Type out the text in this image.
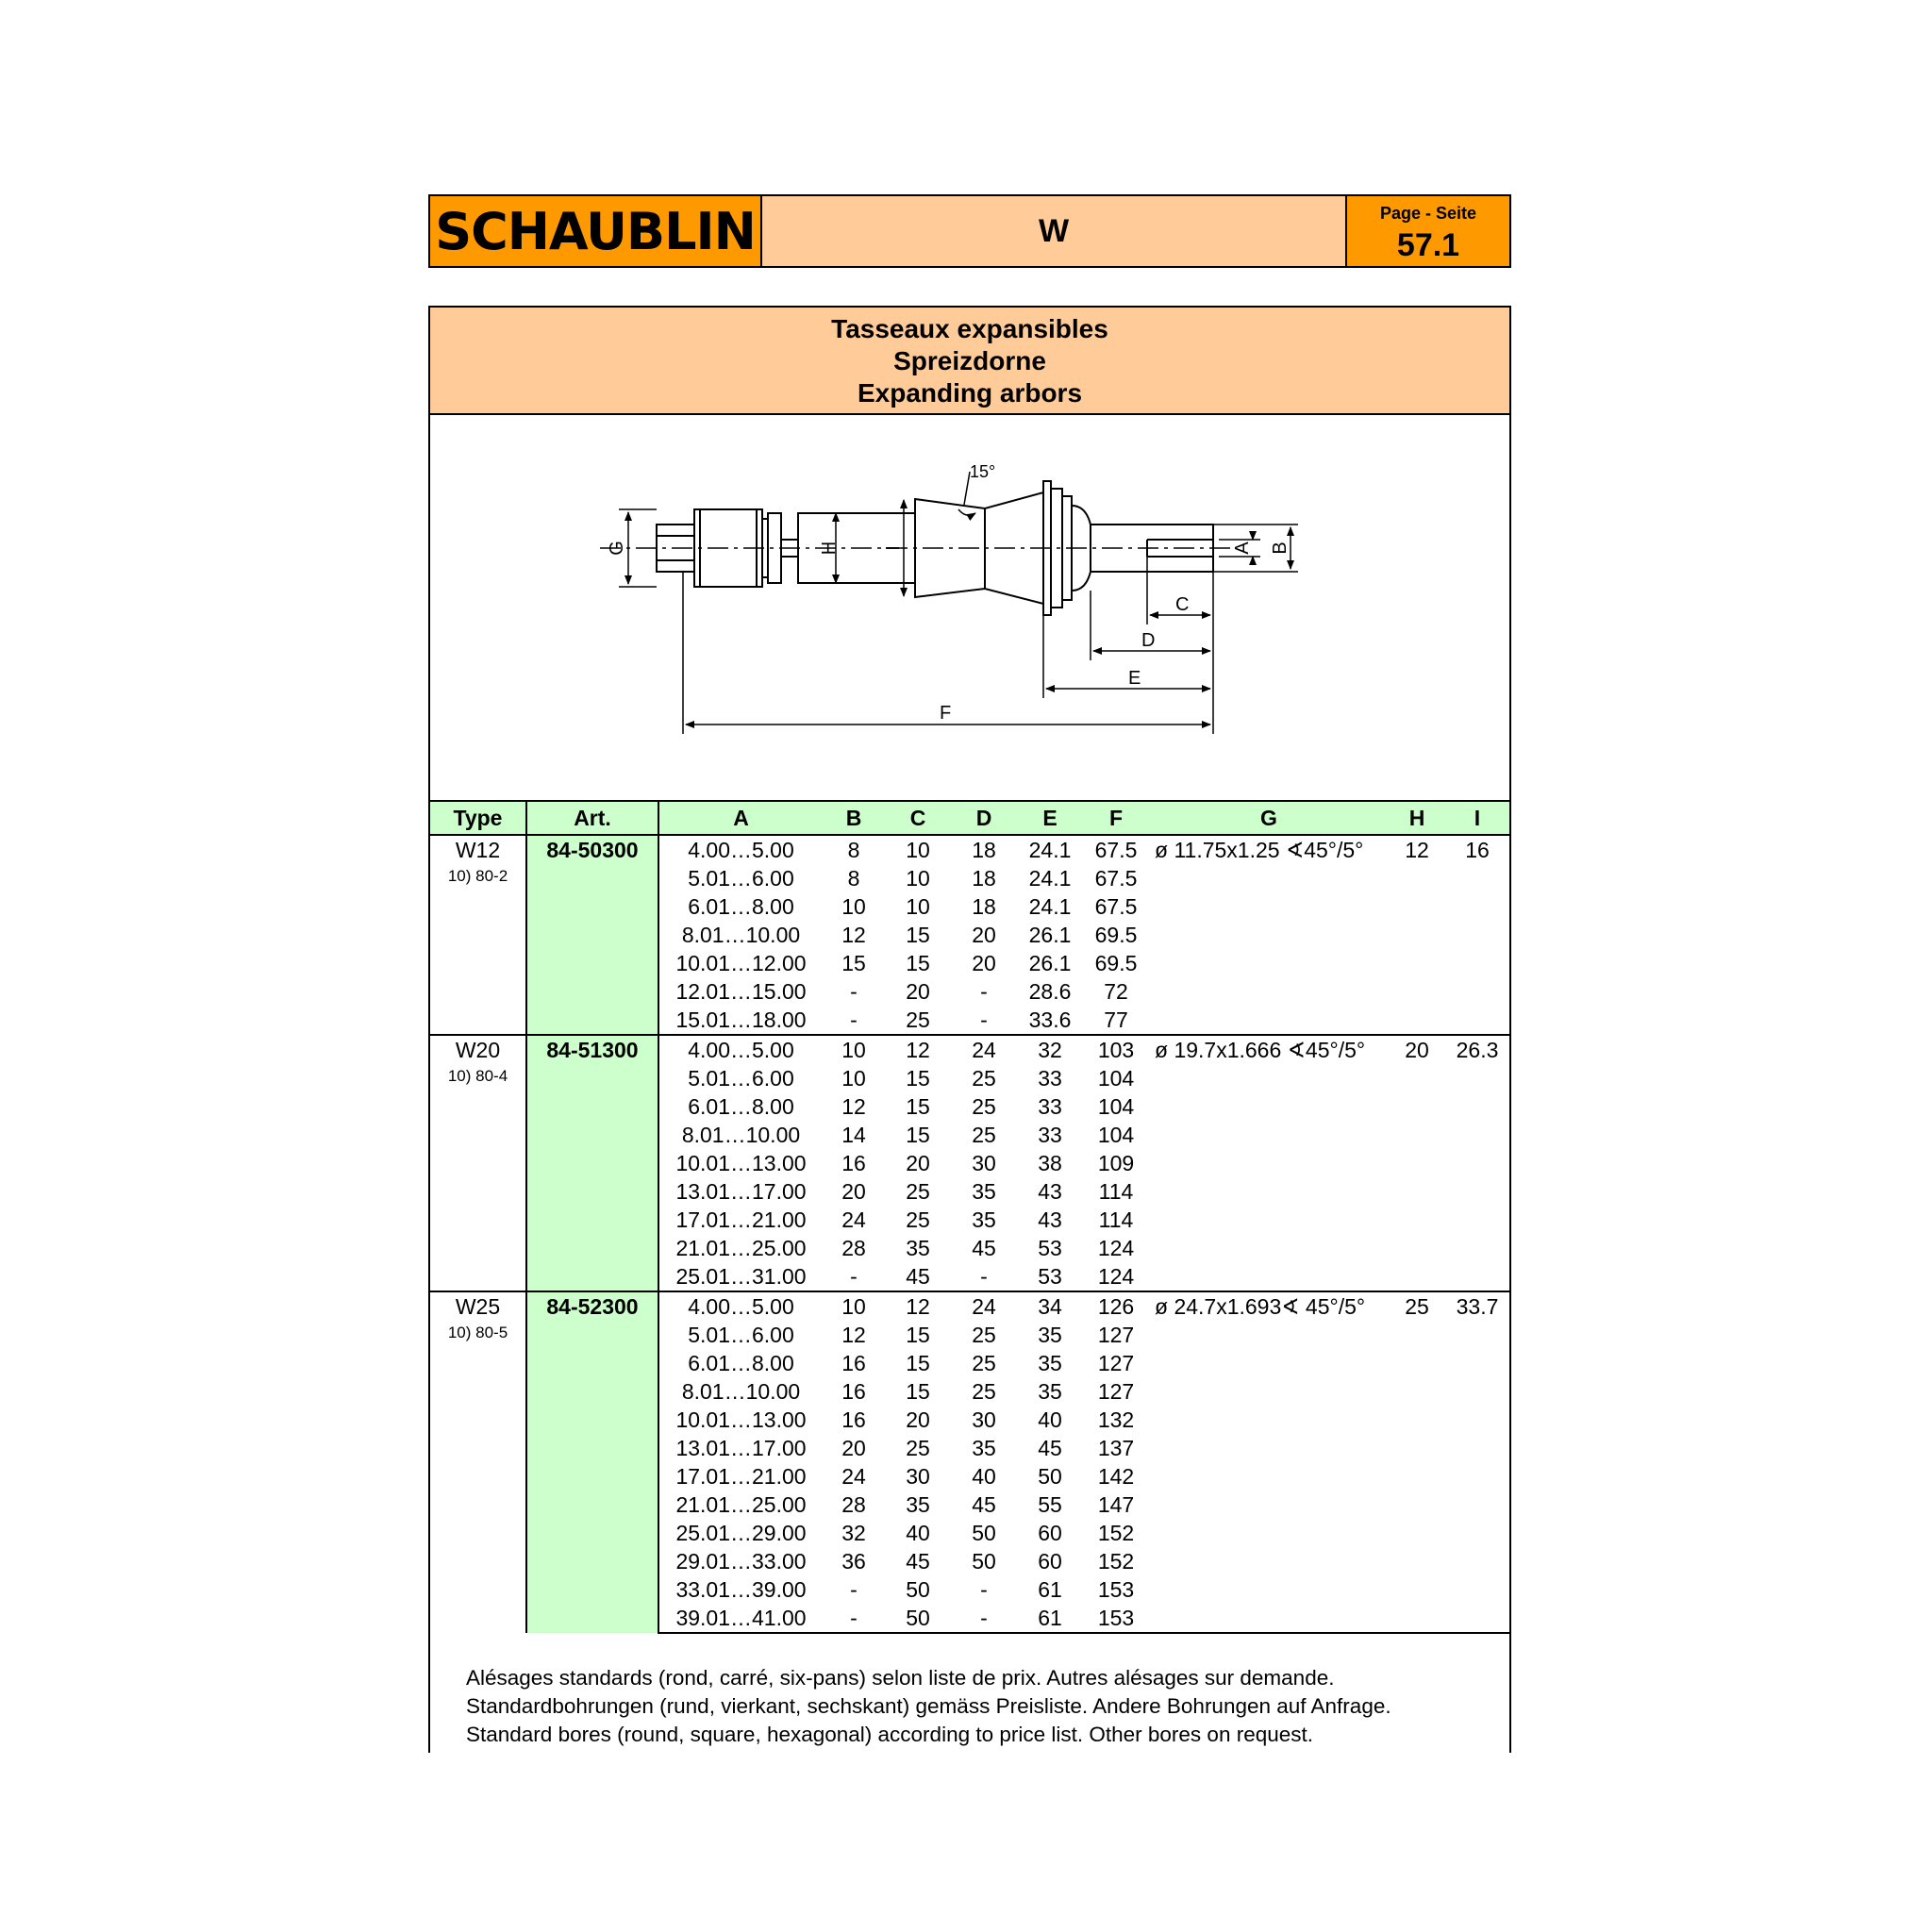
SCHAUBLIN	W	Page - Seite
57.1
Tasseaux expansibles
Spreizdorne
Expanding arbors
G	H I
15°
A B
C
D
E
F
Type	Art.	A	B	C	D	E	F	G	H	I

W12
10) 80-2	84-50300	4.00…5.00	8	10	18	24.1	67.5	ø 11.75x1.25 ∢45°/5°	12	16
		5.01…6.00	8	10	18	24.1	67.5			
		6.01…8.00	10	10	18	24.1	67.5			
		8.01…10.00	12	15	20	26.1	69.5			
		10.01…12.00	15	15	20	26.1	69.5			
		12.01…15.00	-	20	-	28.6	72			
		15.01…18.00	-	25	-	33.6	77			

W20
10) 80-4	84-51300	4.00…5.00	10	12	24	32	103	ø 19.7x1.666 ∢45°/5°	20	26.3
		5.01…6.00	10	15	25	33	104			
		6.01…8.00	12	15	25	33	104			
		8.01…10.00	14	15	25	33	104			
		10.01…13.00	16	20	30	38	109			
		13.01…17.00	20	25	35	43	114			
		17.01…21.00	24	25	35	43	114			
		21.01…25.00	28	35	45	53	124			
		25.01…31.00	-	45	-	53	124			

W25
10) 80-5	84-52300	4.00…5.00	10	12	24	34	126	ø 24.7x1.693∢ 45°/5°	25	33.7
		5.01…6.00	12	15	25	35	127			
		6.01…8.00	16	15	25	35	127			
		8.01…10.00	16	15	25	35	127			
		10.01…13.00	16	20	30	40	132			
		13.01…17.00	20	25	35	45	137			
		17.01…21.00	24	30	40	50	142			
		21.01…25.00	28	35	45	55	147			
		25.01…29.00	32	40	50	60	152			
		29.01…33.00	36	45	50	60	152			
		33.01…39.00	-	50	-	61	153			
		39.01…41.00	-	50	-	61	153			
Alésages standards (rond, carré, six-pans) selon liste de prix. Autres alésages sur demande.
Standardbohrungen (rund, vierkant, sechskant) gemäss Preisliste. Andere Bohrungen auf Anfrage.
Standard bores (round, square, hexagonal) according to price list. Other bores on request.
